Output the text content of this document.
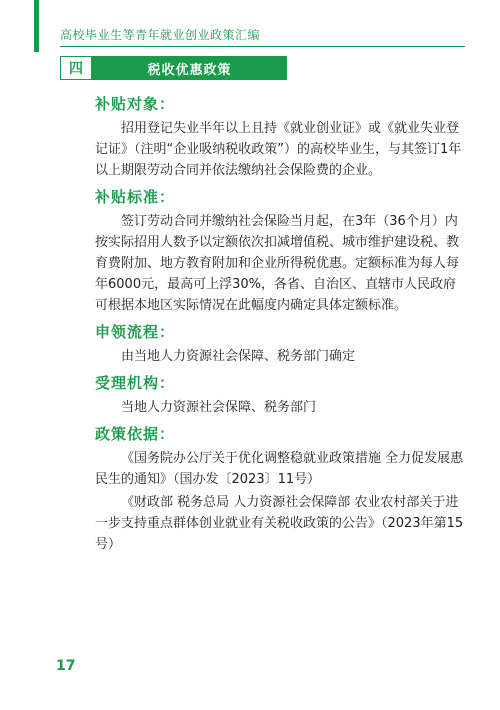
高校毕业生等青年就业创业政策汇编
四	税收优惠政策
补贴对象：

招用登记失业半年以上且持《就业创业证》或《就业失业登记证》（注明“企业吸纳税收政策”）的高校毕业生，与其签订1年以上期限劳动合同并依法缴纳社会保险费的企业。

补贴标准：

签订劳动合同并缴纳社会保险当月起，在3年（36个月）内按实际招用人数予以定额依次扣减增值税、城市维护建设税、教育费附加、地方教育附加和企业所得税优惠。定额标准为每人每年6000元，最高可上浮30%，各省、自治区、直辖市人民政府可根据本地区实际情况在此幅度内确定具体定额标准。

申领流程：

由当地人力资源社会保障、税务部门确定

受理机构：

当地人力资源社会保障、税务部门

政策依据：

《国务院办公厅关于优化调整稳就业政策措施 全力促发展惠民生的通知》（国办发〔2023〕11号）

《财政部 税务总局 人力资源社会保障部 农业农村部关于进一步支持重点群体创业就业有关税收政策的公告》（2023年第15号）

17
